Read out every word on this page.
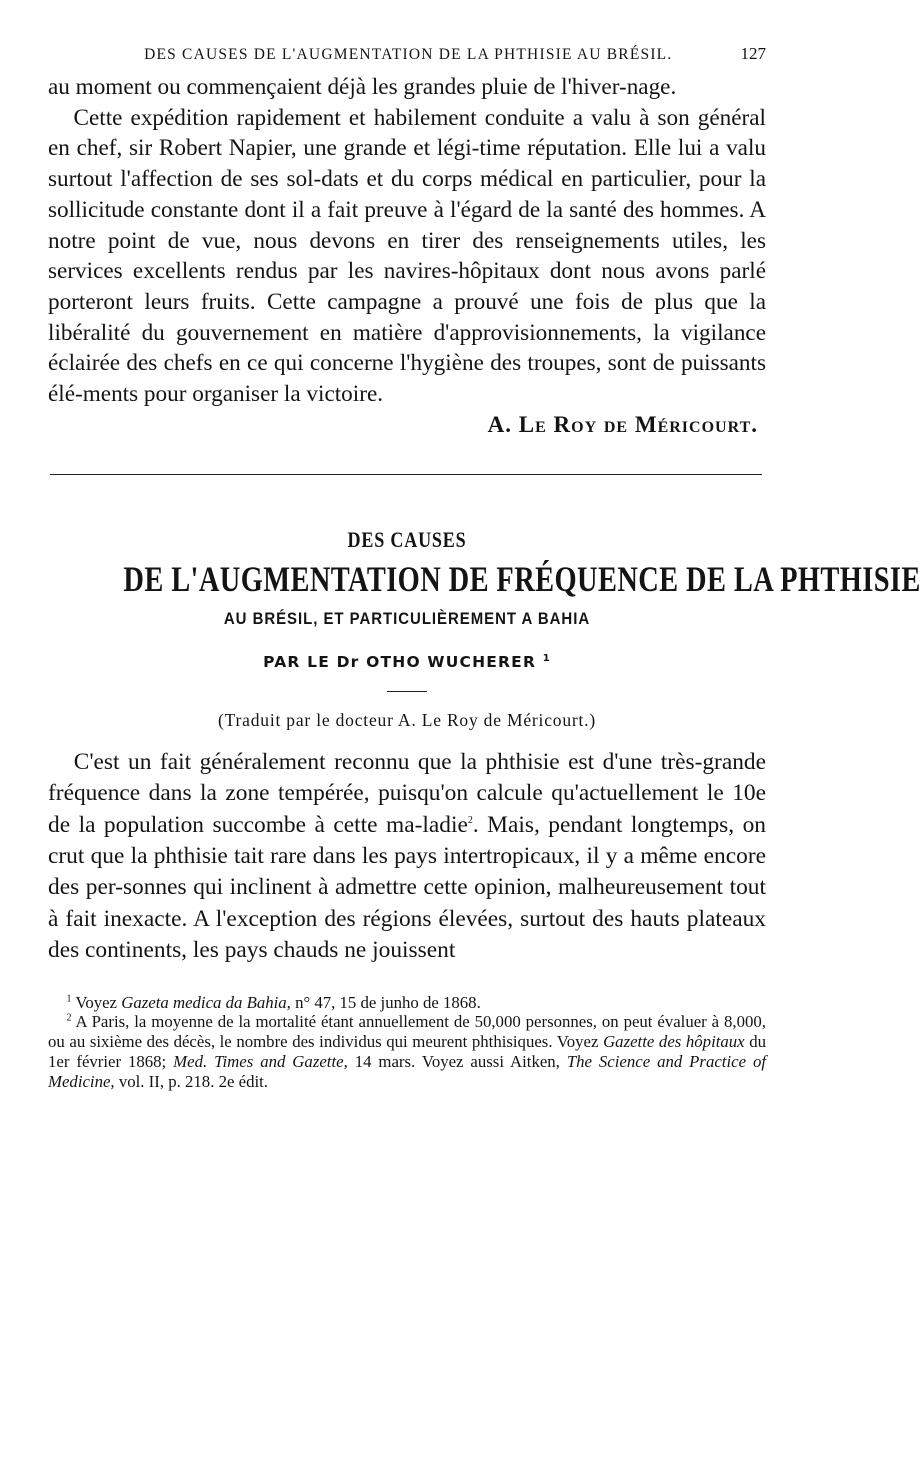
DES CAUSES DE L'AUGMENTATION DE LA PHTHISIE AU BRÉSIL.	127

au moment ou commençaient déjà les grandes pluie de l'hiver-nage.

Cette expédition rapidement et habilement conduite a valu à son général en chef, sir Robert Napier, une grande et légi-time réputation. Elle lui a valu surtout l'affection de ses sol-dats et du corps médical en particulier, pour la sollicitude constante dont il a fait preuve à l'égard de la santé des hommes. A notre point de vue, nous devons en tirer des renseignements utiles, les services excellents rendus par les navires-hôpitaux dont nous avons parlé porteront leurs fruits. Cette campagne a prouvé une fois de plus que la libéralité du gouvernement en matière d'approvisionnements, la vigilance éclairée des chefs en ce qui concerne l'hygiène des troupes, sont de puissants élé-ments pour organiser la victoire.

A. Le Roy de Méricourt.
DES CAUSES
DE L'AUGMENTATION DE FRÉQUENCE DE LA PHTHISIE
AU BRÉSIL, ET PARTICULIÈREMENT A BAHIA
PAR LE Dr OTHO WUCHERER $^1$
(Traduit par le docteur A. Le Roy de Méricourt.)

C'est un fait généralement reconnu que la phthisie est d'une très-grande fréquence dans la zone tempérée, puisqu'on calcule qu'actuellement le 10e de la population succombe à cette ma-ladie$^2$. Mais, pendant longtemps, on crut que la phthisie tait rare dans les pays intertropicaux, il y a même encore des per-sonnes qui inclinent à admettre cette opinion, malheureusement tout à fait inexacte. A l'exception des régions élevées, surtout des hauts plateaux des continents, les pays chauds ne jouissent

$^1$ Voyez Gazeta medica da Bahia, n° 47, 15 de junho de 1868.

$^2$ A Paris, la moyenne de la mortalité étant annuellement de 50,000 personnes, on peut évaluer à 8,000, ou au sixième des décès, le nombre des individus qui meurent phthisiques. Voyez Gazette des hôpitaux du 1er février 1868; Med. Times and Gazette, 14 mars. Voyez aussi Aitken, The Science and Practice of Medicine, vol. II, p. 218. 2e édit.
